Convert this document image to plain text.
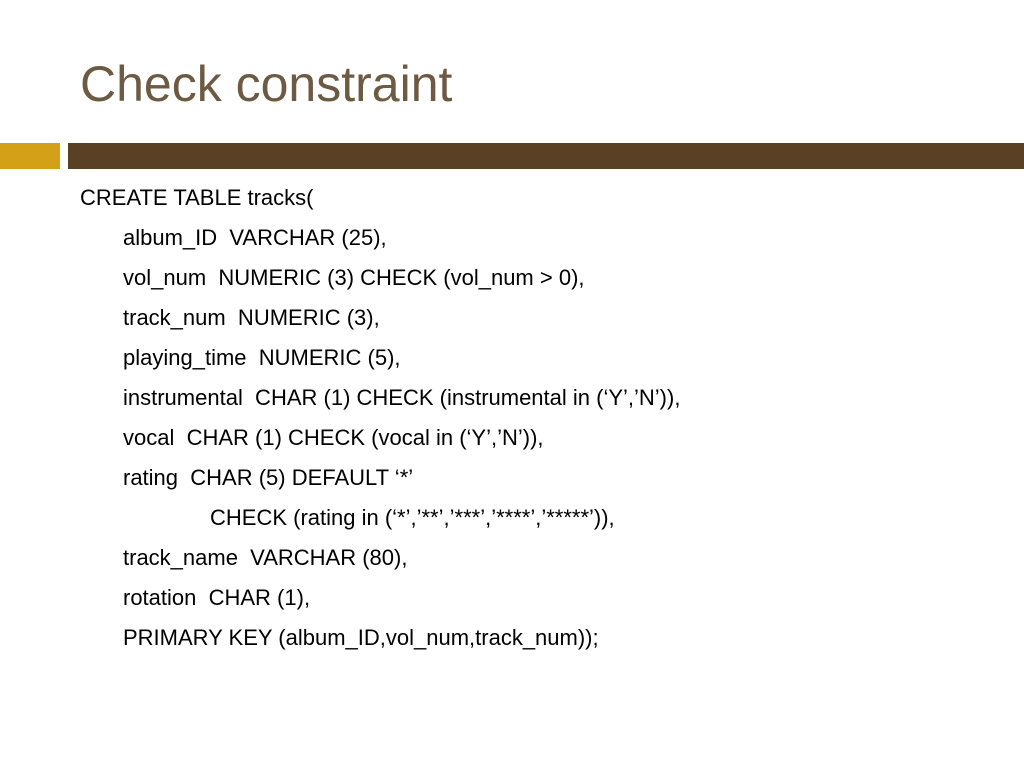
Check constraint
CREATE TABLE tracks(
album_ID  VARCHAR (25),
vol_num  NUMERIC (3) CHECK (vol_num > 0),
track_num  NUMERIC (3),
playing_time  NUMERIC (5),
instrumental  CHAR (1) CHECK (instrumental in (‘Y’,’N’)),
vocal  CHAR (1) CHECK (vocal in (‘Y’,’N’)),
rating  CHAR (5) DEFAULT ‘*’
CHECK (rating in (‘*’,’**’,’***’,’****’,’*****’)),
track_name  VARCHAR (80),
rotation  CHAR (1),
PRIMARY KEY (album_ID,vol_num,track_num));
